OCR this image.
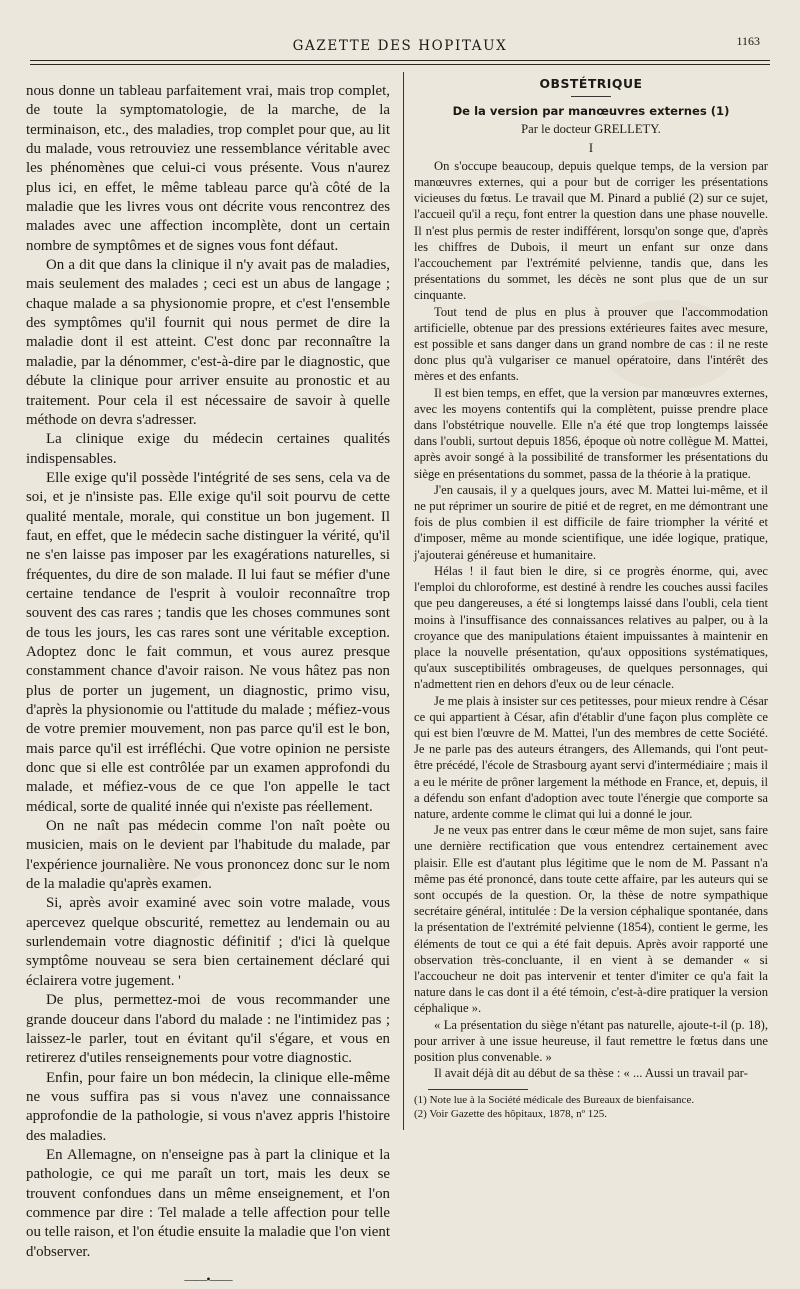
GAZETTE DES HOPITAUX	1163

nous donne un tableau parfaitement vrai, mais trop complet, de toute la symptomatologie, de la marche, de la terminaison, etc., des maladies, trop complet pour que, au lit du malade, vous retrouviez une ressemblance véritable avec les phénomènes que celui-ci vous présente. Vous n'aurez plus ici, en effet, le même tableau parce qu'à côté de la maladie que les livres vous ont décrite vous rencontrez des malades avec une affection incomplète, dont un certain nombre de symptômes et de signes vous font défaut.

On a dit que dans la clinique il n'y avait pas de maladies, mais seulement des malades ; ceci est un abus de langage ; chaque malade a sa physionomie propre, et c'est l'ensemble des symptômes qu'il fournit qui nous permet de dire la maladie dont il est atteint. C'est donc par reconnaître la maladie, par la dénommer, c'est-à-dire par le diagnostic, que débute la clinique pour arriver ensuite au pronostic et au traitement. Pour cela il est nécessaire de savoir à quelle méthode on devra s'adresser.

La clinique exige du médecin certaines qualités indispensables.

Elle exige qu'il possède l'intégrité de ses sens, cela va de soi, et je n'insiste pas. Elle exige qu'il soit pourvu de cette qualité mentale, morale, qui constitue un bon jugement. Il faut, en effet, que le médecin sache distinguer la vérité, qu'il ne s'en laisse pas imposer par les exagérations naturelles, si fréquentes, du dire de son malade. Il lui faut se méfier d'une certaine tendance de l'esprit à vouloir reconnaître trop souvent des cas rares ; tandis que les choses communes sont de tous les jours, les cas rares sont une véritable exception. Adoptez donc le fait commun, et vous aurez presque constamment chance d'avoir raison. Ne vous hâtez pas non plus de porter un jugement, un diagnostic, primo visu, d'après la physionomie ou l'attitude du malade ; méfiez-vous de votre premier mouvement, non pas parce qu'il est le bon, mais parce qu'il est irréfléchi. Que votre opinion ne persiste donc que si elle est contrôlée par un examen approfondi du malade, et méfiez-vous de ce que l'on appelle le tact médical, sorte de qualité innée qui n'existe pas réellement.

On ne naît pas médecin comme l'on naît poète ou musicien, mais on le devient par l'habitude du malade, par l'expérience journalière. Ne vous prononcez donc sur le nom de la maladie qu'après examen.

Si, après avoir examiné avec soin votre malade, vous apercevez quelque obscurité, remettez au lendemain ou au surlendemain votre diagnostic définitif ; d'ici là quelque symptôme nouveau se sera bien certainement déclaré qui éclairera votre jugement. '

De plus, permettez-moi de vous recommander une grande douceur dans l'abord du malade : ne l'intimidez pas ; laissez-le parler, tout en évitant qu'il s'égare, et vous en retirerez d'utiles renseignements pour votre diagnostic.

Enfin, pour faire un bon médecin, la clinique elle-même ne vous suffira pas si vous n'avez une connaissance approfondie de la pathologie, si vous n'avez appris l'histoire des maladies.

En Allemagne, on n'enseigne pas à part la clinique et la pathologie, ce qui me paraît un tort, mais les deux se trouvent confondues dans un même enseignement, et l'on commence par dire : Tel malade a telle affection pour telle ou telle raison, et l'on étudie ensuite la maladie que l'on vient d'observer.

——•——
OBSTÉTRIQUE
De la version par manœuvres externes (1)
Par le docteur GRELLETY.
I

On s'occupe beaucoup, depuis quelque temps, de la version par manœuvres externes, qui a pour but de corriger les présentations vicieuses du fœtus. Le travail que M. Pinard a publié (2) sur ce sujet, l'accueil qu'il a reçu, font entrer la question dans une phase nouvelle. Il n'est plus permis de rester indifférent, lorsqu'on songe que, d'après les chiffres de Dubois, il meurt un enfant sur onze dans l'accouchement par l'extrémité pelvienne, tandis que, dans les présentations du sommet, les décès ne sont plus que de un sur cinquante.

Tout tend de plus en plus à prouver que l'accommodation artificielle, obtenue par des pressions extérieures faites avec mesure, est possible et sans danger dans un grand nombre de cas : il ne reste donc plus qu'à vulgariser ce manuel opératoire, dans l'intérêt des mères et des enfants.

Il est bien temps, en effet, que la version par manœuvres externes, avec les moyens contentifs qui la complètent, puisse prendre place dans l'obstétrique nouvelle. Elle n'a été que trop longtemps laissée dans l'oubli, surtout depuis 1856, époque où notre collègue M. Mattei, après avoir songé à la possibilité de transformer les présentations du siège en présentations du sommet, passa de la théorie à la pratique.

J'en causais, il y a quelques jours, avec M. Mattei lui-même, et il ne put réprimer un sourire de pitié et de regret, en me démontrant une fois de plus combien il est difficile de faire triompher la vérité et d'imposer, même au monde scientifique, une idée logique, pratique, j'ajouterai généreuse et humanitaire.

Hélas ! il faut bien le dire, si ce progrès énorme, qui, avec l'emploi du chloroforme, est destiné à rendre les couches aussi faciles que peu dangereuses, a été si longtemps laissé dans l'oubli, cela tient moins à l'insuffisance des connaissances relatives au palper, ou à la croyance que des manipulations étaient impuissantes à maintenir en place la nouvelle présentation, qu'aux oppositions systématiques, qu'aux susceptibilités ombrageuses, de quelques personnages, qui n'admettent rien en dehors d'eux ou de leur cénacle.

Je me plais à insister sur ces petitesses, pour mieux rendre à César ce qui appartient à César, afin d'établir d'une façon plus complète ce qui est bien l'œuvre de M. Mattei, l'un des membres de cette Société. Je ne parle pas des auteurs étrangers, des Allemands, qui l'ont peut-être précédé, l'école de Strasbourg ayant servi d'intermédiaire ; mais il a eu le mérite de prôner largement la méthode en France, et, depuis, il a défendu son enfant d'adoption avec toute l'énergie que comporte sa nature, ardente comme le climat qui lui a donné le jour.

Je ne veux pas entrer dans le cœur même de mon sujet, sans faire une dernière rectification que vous entendrez certainement avec plaisir. Elle est d'autant plus légitime que le nom de M. Passant n'a même pas été prononcé, dans toute cette affaire, par les auteurs qui se sont occupés de la question. Or, la thèse de notre sympathique secrétaire général, intitulée : De la version céphalique spontanée, dans la présentation de l'extrémité pelvienne (1854), contient le germe, les éléments de tout ce qui a été fait depuis. Après avoir rapporté une observation très-concluante, il en vient à se demander « si l'accoucheur ne doit pas intervenir et tenter d'imiter ce qu'a fait la nature dans le cas dont il a été témoin, c'est-à-dire pratiquer la version céphalique ».

« La présentation du siège n'étant pas naturelle, ajoute-t-il (p. 18), pour arriver à une issue heureuse, il faut remettre le fœtus dans une position plus convenable. »

Il avait déjà dit au début de sa thèse : « ... Aussi un travail par-

(1) Note lue à la Société médicale des Bureaux de bienfaisance.

(2) Voir Gazette des hôpitaux, 1878, nº 125.
